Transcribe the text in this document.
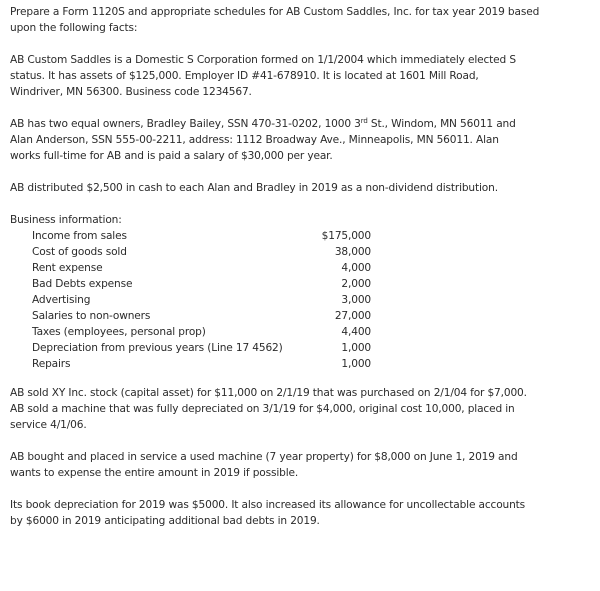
Prepare a Form 1120S and appropriate schedules for AB Custom Saddles, Inc. for tax year 2019 based
upon the following facts:

AB Custom Saddles is a Domestic S Corporation formed on 1/1/2004 which immediately elected S
status. It has assets of $125,000. Employer ID #41-678910. It is located at 1601 Mill Road,
Windriver, MN 56300. Business code 1234567.

AB has two equal owners, Bradley Bailey, SSN 470-31-0202, 1000 3rd St., Windom, MN 56011 and
Alan Anderson, SSN 555-00-2211, address: 1112 Broadway Ave., Minneapolis, MN 56011. Alan
works full-time for AB and is paid a salary of $30,000 per year.

AB distributed $2,500 in cash to each Alan and Bradley in 2019 as a non-dividend distribution.

Business information:
Income from sales	$175,000
Cost of goods sold	38,000
Rent expense	4,000
Bad Debts expense	2,000
Advertising	3,000
Salaries to non-owners	27,000
Taxes (employees, personal prop)	4,400
Depreciation from previous years (Line 17 4562)	1,000
Repairs	1,000

AB sold XY Inc. stock (capital asset) for $11,000 on 2/1/19 that was purchased on 2/1/04 for $7,000.
AB sold a machine that was fully depreciated on 3/1/19 for $4,000, original cost 10,000, placed in
service 4/1/06.

AB bought and placed in service a used machine (7 year property) for $8,000 on June 1, 2019 and
wants to expense the entire amount in 2019 if possible.

Its book depreciation for 2019 was $5000. It also increased its allowance for uncollectable accounts
by $6000 in 2019 anticipating additional bad debts in 2019.
